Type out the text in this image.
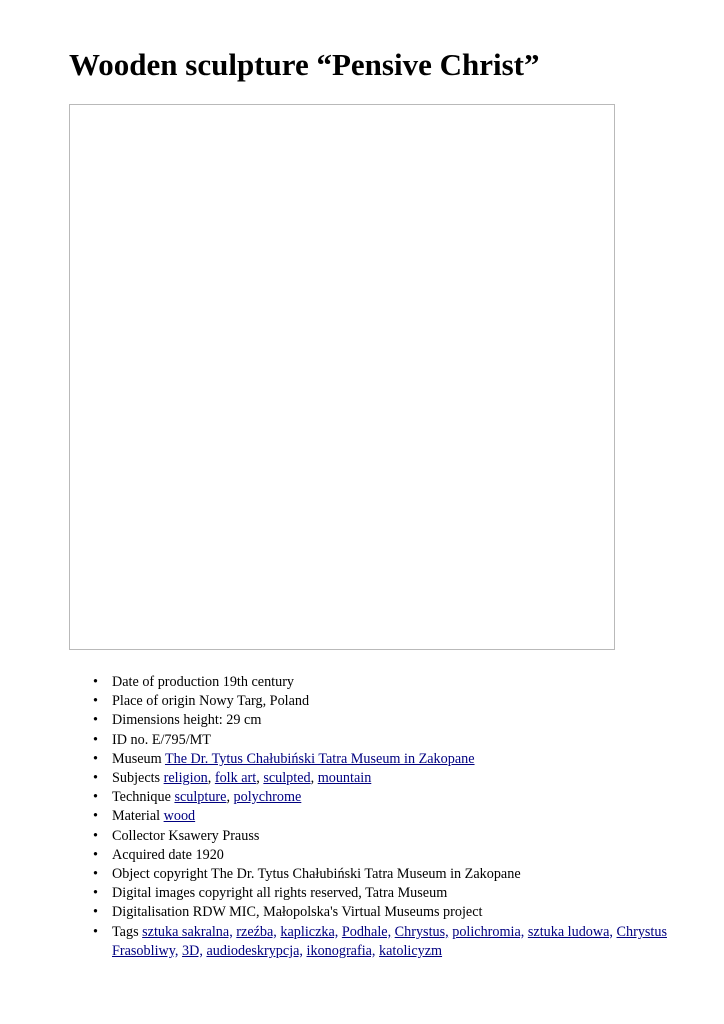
Wooden sculpture “Pensive Christ”
• Date of production 19th century
• Place of origin Nowy Targ, Poland
• Dimensions height: 29 cm
• ID no. E/795/MT
• Museum The Dr. Tytus Chałubiński Tatra Museum in Zakopane
• Subjects religion, folk art, sculpted, mountain
• Technique sculpture, polychrome
• Material wood
• Collector Ksawery Prauss
• Acquired date 1920
• Object copyright The Dr. Tytus Chałubiński Tatra Museum in Zakopane
• Digital images copyright all rights reserved, Tatra Museum
• Digitalisation RDW MIC, Małopolska's Virtual Museums project
• Tags sztuka sakralna, rzeźba, kapliczka, Podhale, Chrystus, polichromia, sztuka ludowa, Chrystus Frasobliwy, 3D, audiodeskrypcja, ikonografia, katolicyzm
